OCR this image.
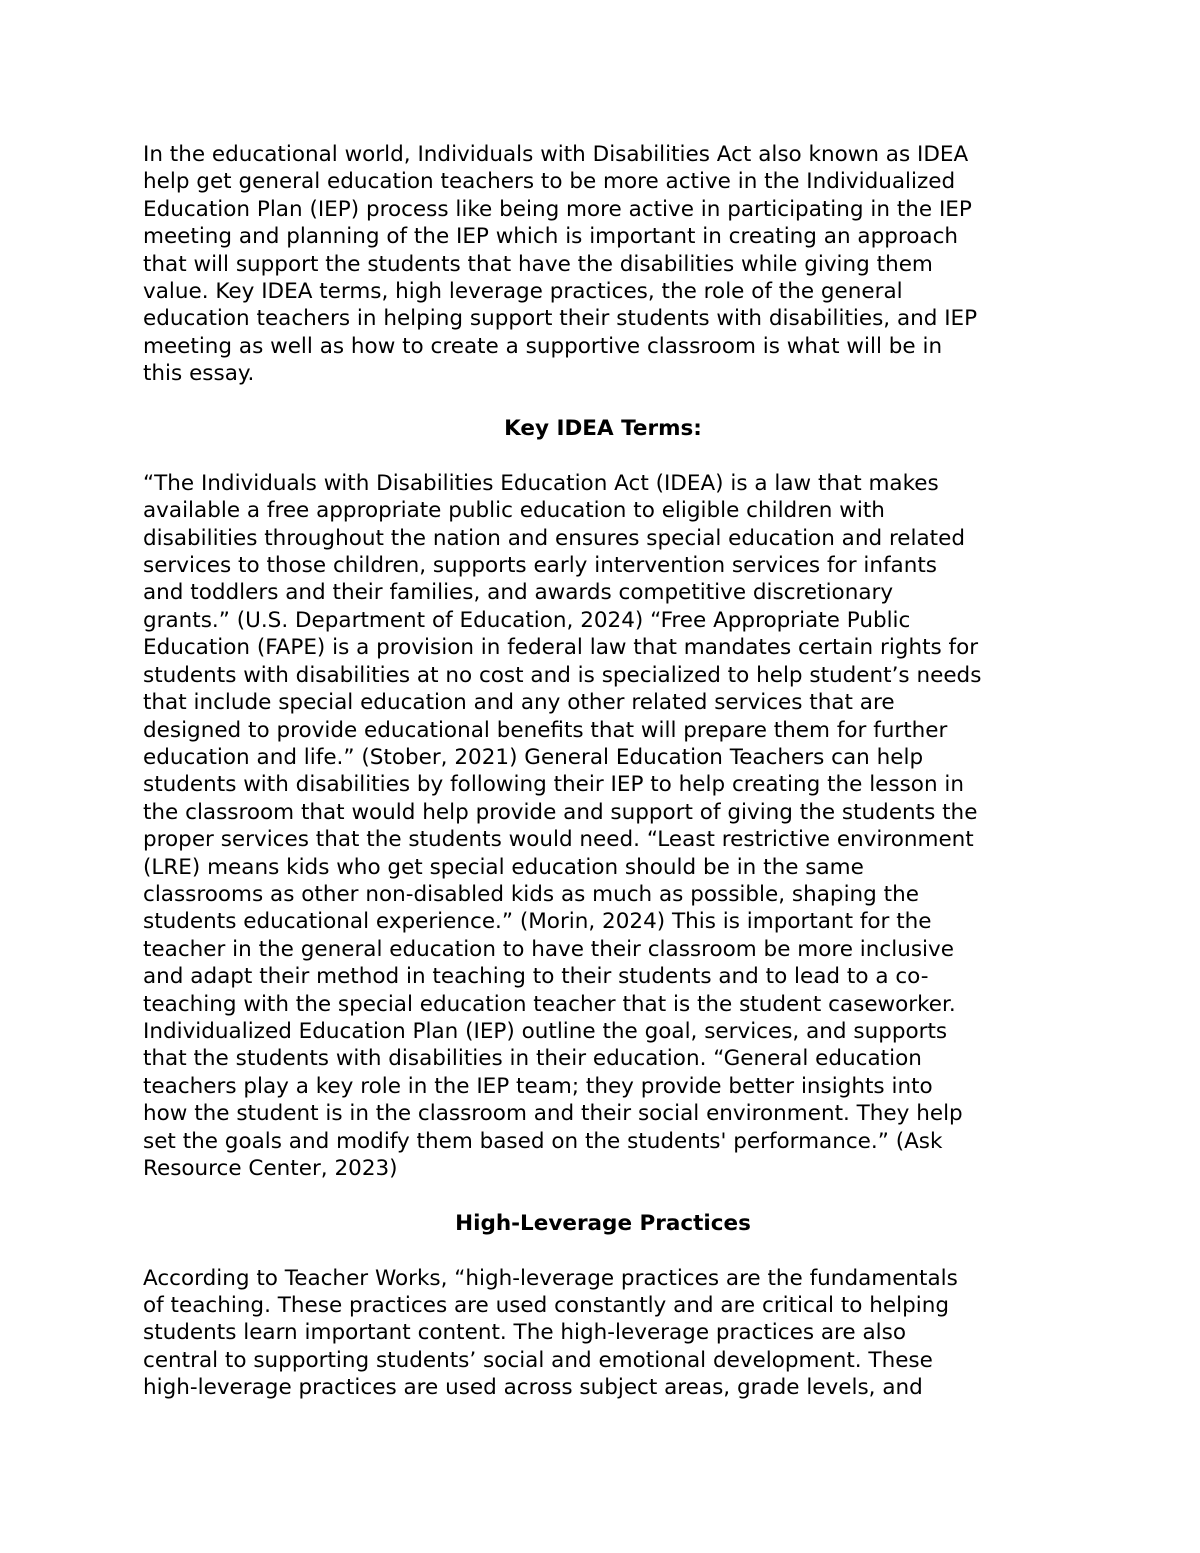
In the educational world, Individuals with Disabilities Act also known as IDEA
help get general education teachers to be more active in the Individualized
Education Plan (IEP) process like being more active in participating in the IEP
meeting and planning of the IEP which is important in creating an approach
that will support the students that have the disabilities while giving them
value. Key IDEA terms, high leverage practices, the role of the general
education teachers in helping support their students with disabilities, and IEP
meeting as well as how to create a supportive classroom is what will be in
this essay.

Key IDEA Terms:

“The Individuals with Disabilities Education Act (IDEA) is a law that makes
available a free appropriate public education to eligible children with
disabilities throughout the nation and ensures special education and related
services to those children, supports early intervention services for infants
and toddlers and their families, and awards competitive discretionary
grants.” (U.S. Department of Education, 2024) “Free Appropriate Public
Education (FAPE) is a provision in federal law that mandates certain rights for
students with disabilities at no cost and is specialized to help student’s needs
that include special education and any other related services that are
designed to provide educational benefits that will prepare them for further
education and life.” (Stober, 2021) General Education Teachers can help
students with disabilities by following their IEP to help creating the lesson in
the classroom that would help provide and support of giving the students the
proper services that the students would need. “Least restrictive environment
(LRE) means kids who get special education should be in the same
classrooms as other non-disabled kids as much as possible, shaping the
students educational experience.” (Morin, 2024) This is important for the
teacher in the general education to have their classroom be more inclusive
and adapt their method in teaching to their students and to lead to a co-
teaching with the special education teacher that is the student caseworker.
Individualized Education Plan (IEP) outline the goal, services, and supports
that the students with disabilities in their education. “General education
teachers play a key role in the IEP team; they provide better insights into
how the student is in the classroom and their social environment. They help
set the goals and modify them based on the students' performance.” (Ask
Resource Center, 2023)

High-Leverage Practices

According to Teacher Works, “high-leverage practices are the fundamentals
of teaching. These practices are used constantly and are critical to helping
students learn important content. The high-leverage practices are also
central to supporting students’ social and emotional development. These
high-leverage practices are used across subject areas, grade levels, and
